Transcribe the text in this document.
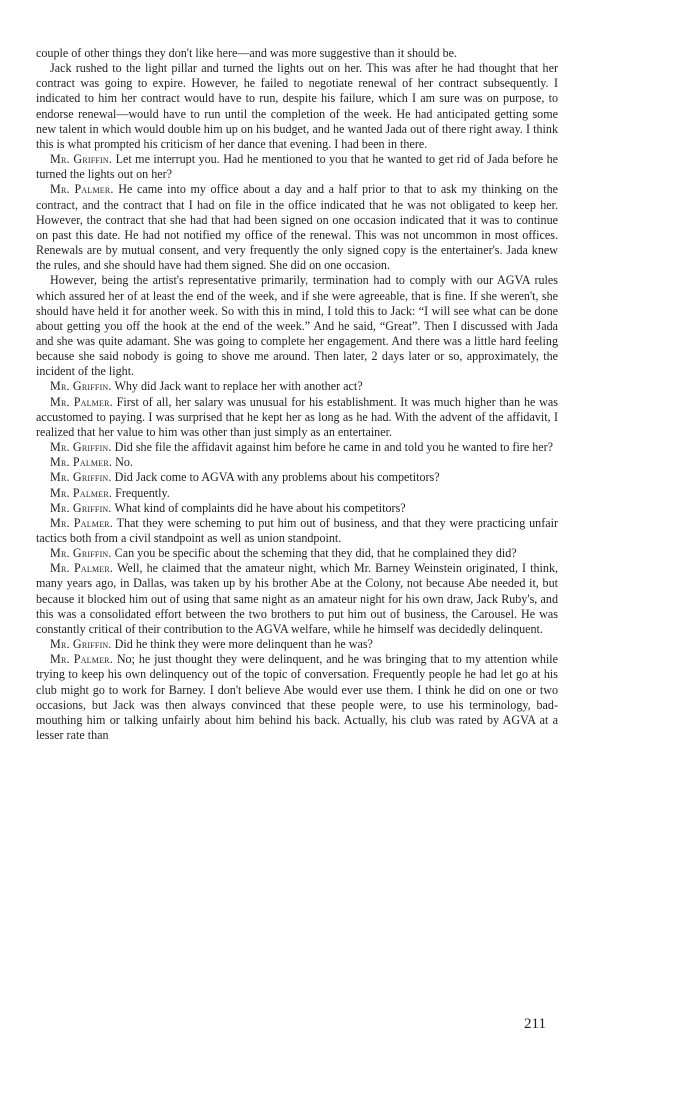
couple of other things they don't like here—and was more suggestive than it should be.

Jack rushed to the light pillar and turned the lights out on her. This was after he had thought that her contract was going to expire. However, he failed to negotiate renewal of her contract subsequently. I indicated to him her contract would have to run, despite his failure, which I am sure was on purpose, to endorse renewal—would have to run until the completion of the week. He had anticipated getting some new talent in which would double him up on his budget, and he wanted Jada out of there right away. I think this is what prompted his criticism of her dance that evening. I had been in there.

Mr. Griffin. Let me interrupt you. Had he mentioned to you that he wanted to get rid of Jada before he turned the lights out on her?

Mr. Palmer. He came into my office about a day and a half prior to that to ask my thinking on the contract, and the contract that I had on file in the office indicated that he was not obligated to keep her. However, the contract that she had that had been signed on one occasion indicated that it was to continue on past this date. He had not notified my office of the renewal. This was not uncommon in most offices. Renewals are by mutual consent, and very frequently the only signed copy is the entertainer's. Jada knew the rules, and she should have had them signed. She did on one occasion.

However, being the artist's representative primarily, termination had to comply with our AGVA rules which assured her of at least the end of the week, and if she were agreeable, that is fine. If she weren't, she should have held it for another week. So with this in mind, I told this to Jack: “I will see what can be done about getting you off the hook at the end of the week.” And he said, “Great”. Then I discussed with Jada and she was quite adamant. She was going to complete her engagement. And there was a little hard feeling because she said nobody is going to shove me around. Then later, 2 days later or so, approximately, the incident of the light.

Mr. Griffin. Why did Jack want to replace her with another act?

Mr. Palmer. First of all, her salary was unusual for his establishment. It was much higher than he was accustomed to paying. I was surprised that he kept her as long as he had. With the advent of the affidavit, I realized that her value to him was other than just simply as an entertainer.

Mr. Griffin. Did she file the affidavit against him before he came in and told you he wanted to fire her?

Mr. Palmer. No.

Mr. Griffin. Did Jack come to AGVA with any problems about his competitors?

Mr. Palmer. Frequently.

Mr. Griffin. What kind of complaints did he have about his competitors?

Mr. Palmer. That they were scheming to put him out of business, and that they were practicing unfair tactics both from a civil standpoint as well as union standpoint.

Mr. Griffin. Can you be specific about the scheming that they did, that he complained they did?

Mr. Palmer. Well, he claimed that the amateur night, which Mr. Barney Weinstein originated, I think, many years ago, in Dallas, was taken up by his brother Abe at the Colony, not because Abe needed it, but because it blocked him out of using that same night as an amateur night for his own draw, Jack Ruby's, and this was a consolidated effort between the two brothers to put him out of business, the Carousel. He was constantly critical of their contribution to the AGVA welfare, while he himself was decidedly delinquent.

Mr. Griffin. Did he think they were more delinquent than he was?

Mr. Palmer. No; he just thought they were delinquent, and he was bringing that to my attention while trying to keep his own delinquency out of the topic of conversation. Frequently people he had let go at his club might go to work for Barney. I don't believe Abe would ever use them. I think he did on one or two occasions, but Jack was then always convinced that these people were, to use his terminology, bad-mouthing him or talking unfairly about him behind his back. Actually, his club was rated by AGVA at a lesser rate than

211
